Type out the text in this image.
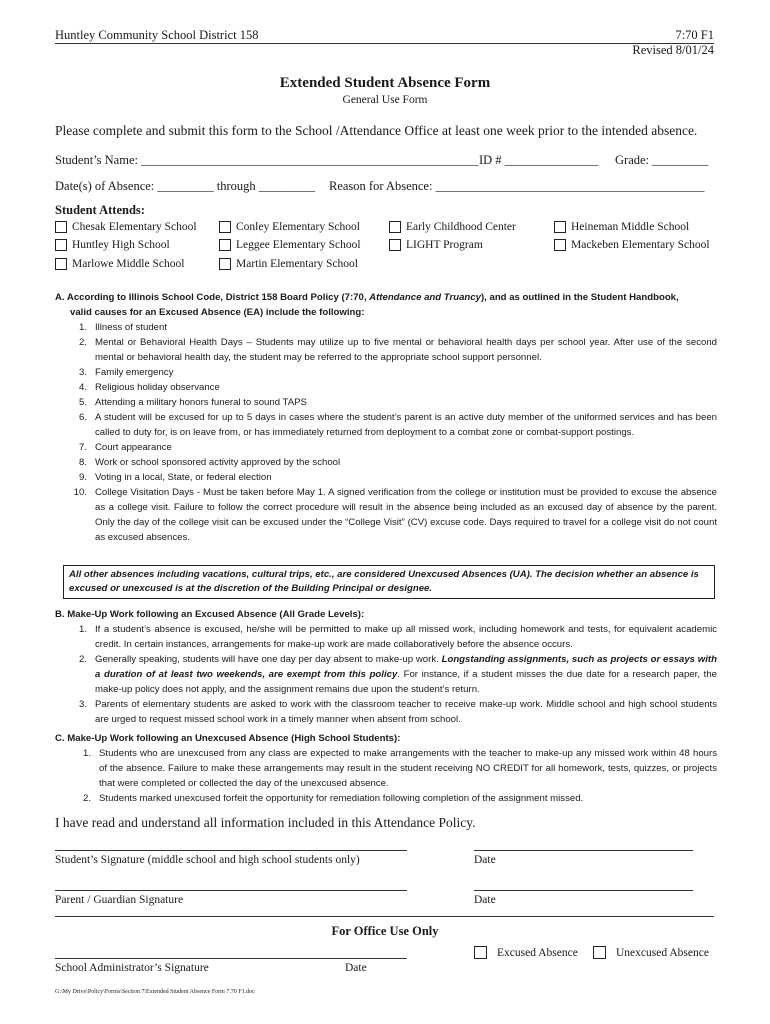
Huntley Community School District 158	7:70 F1
Revised 8/01/24
Extended Student Absence Form
General Use Form
Please complete and submit this form to the School /Attendance Office at least one week prior to the intended absence.
Student’s Name: ______________________________________________________ ID # _______________ Grade: _________
Date(s) of Absence: _________ through _________ Reason for Absence: ___________________________________________
Student Attends:
Chesak Elementary School	Conley Elementary School	Early Childhood Center	Heineman Middle School
Huntley High School	Leggee Elementary School	LIGHT Program	Mackeben Elementary School
Marlowe Middle School	Martin Elementary School
A. According to Illinois School Code, District 158 Board Policy (7:70, Attendance and Truancy), and as outlined in the Student Handbook,
valid causes for an Excused Absence (EA) include the following:
1. Illness of student
2. Mental or Behavioral Health Days – Students may utilize up to five mental or behavioral health days per school year. After use of the second mental or behavioral health day, the student may be referred to the appropriate school support personnel.
3. Family emergency
4. Religious holiday observance
5. Attending a military honors funeral to sound TAPS
6. A student will be excused for up to 5 days in cases where the student’s parent is an active duty member of the uniformed services and has been called to duty for, is on leave from, or has immediately returned from deployment to a combat zone or combat-support postings.
7. Court appearance
8. Work or school sponsored activity approved by the school
9. Voting in a local, State, or federal election
10. College Visitation Days - Must be taken before May 1. A signed verification from the college or institution must be provided to excuse the absence as a college visit. Failure to follow the correct procedure will result in the absence being included as an excused day of absence by the parent. Only the day of the college visit can be excused under the “College Visit” (CV) excuse code. Days required to travel for a college visit do not count as excused absences.
All other absences including vacations, cultural trips, etc., are considered Unexcused Absences (UA). The decision whether an absence is excused or unexcused is at the discretion of the Building Principal or designee.
B. Make-Up Work following an Excused Absence (All Grade Levels):
1. If a student’s absence is excused, he/she will be permitted to make up all missed work, including homework and tests, for equivalent academic credit. In certain instances, arrangements for make-up work are made collaboratively before the absence occurs.
2. Generally speaking, students will have one day per day absent to make-up work. Longstanding assignments, such as projects or essays with a duration of at least two weekends, are exempt from this policy. For instance, if a student misses the due date for a research paper, the make-up policy does not apply, and the assignment remains due upon the student’s return.
3. Parents of elementary students are asked to work with the classroom teacher to receive make-up work. Middle school and high school students are urged to request missed school work in a timely manner when absent from school.
C. Make-Up Work following an Unexcused Absence (High School Students):
1. Students who are unexcused from any class are expected to make arrangements with the teacher to make-up any missed work within 48 hours of the absence. Failure to make these arrangements may result in the student receiving NO CREDIT for all homework, tests, quizzes, or projects that were completed or collected the day of the unexcused absence.
2. Students marked unexcused forfeit the opportunity for remediation following completion of the assignment missed.
I have read and understand all information included in this Attendance Policy.
Student’s Signature (middle school and high school students only)	Date
Parent / Guardian Signature	Date
For Office Use Only
School Administrator’s Signature	Date
Excused Absence	Unexcused Absence
G:\My Drive\Policy\Forms\Section 7\Extended Student Absence Form 7.70 F1.doc
